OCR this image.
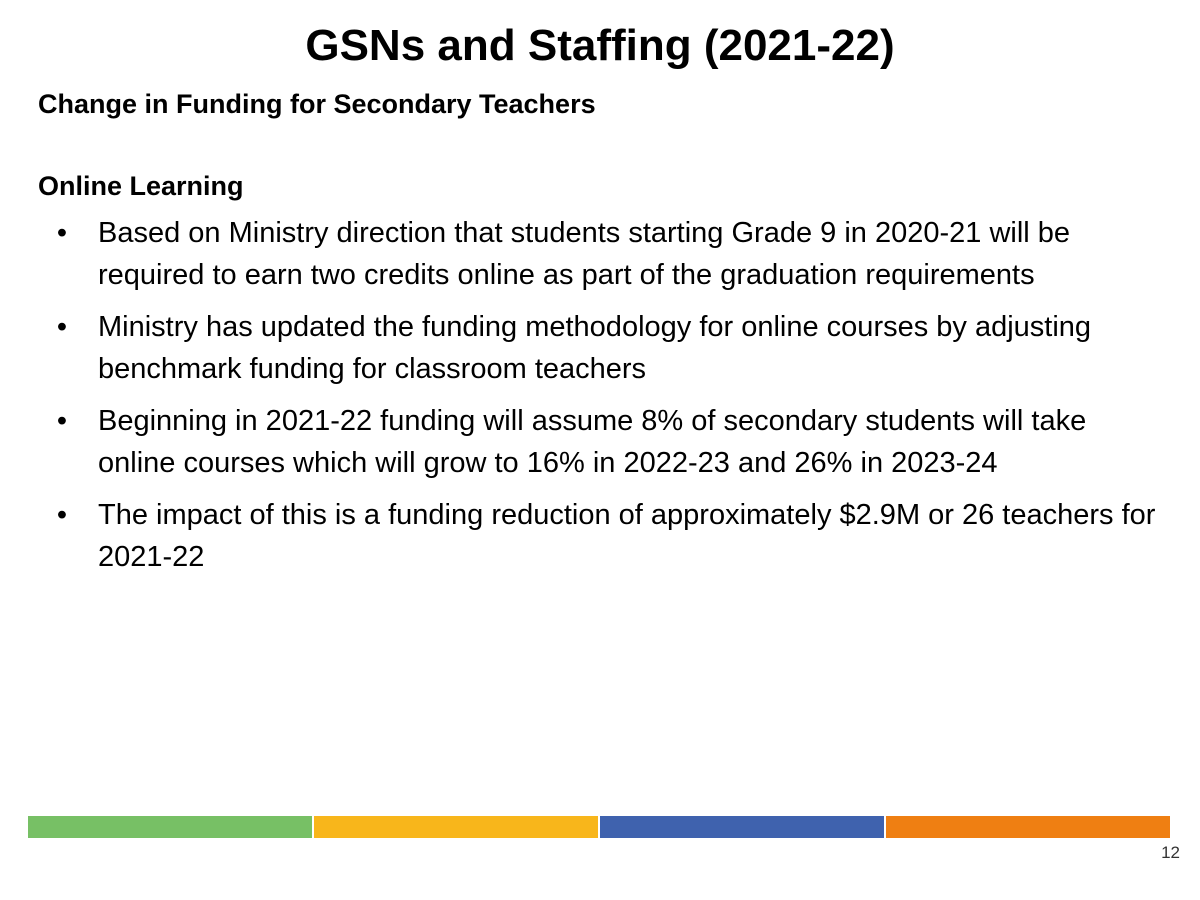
GSNs and Staffing (2021-22)
Change in Funding for Secondary Teachers
Online Learning
• Based on Ministry direction that students starting Grade 9 in 2020-21 will be required to earn two credits online as part of the graduation requirements
• Ministry has updated the funding methodology for online courses by adjusting benchmark funding for classroom teachers
• Beginning in 2021-22 funding will assume 8% of secondary students will take online courses which will grow to 16% in 2022-23 and 26% in 2023-24
• The impact of this is a funding reduction of approximately $2.9M or 26 teachers for 2021-22
12
